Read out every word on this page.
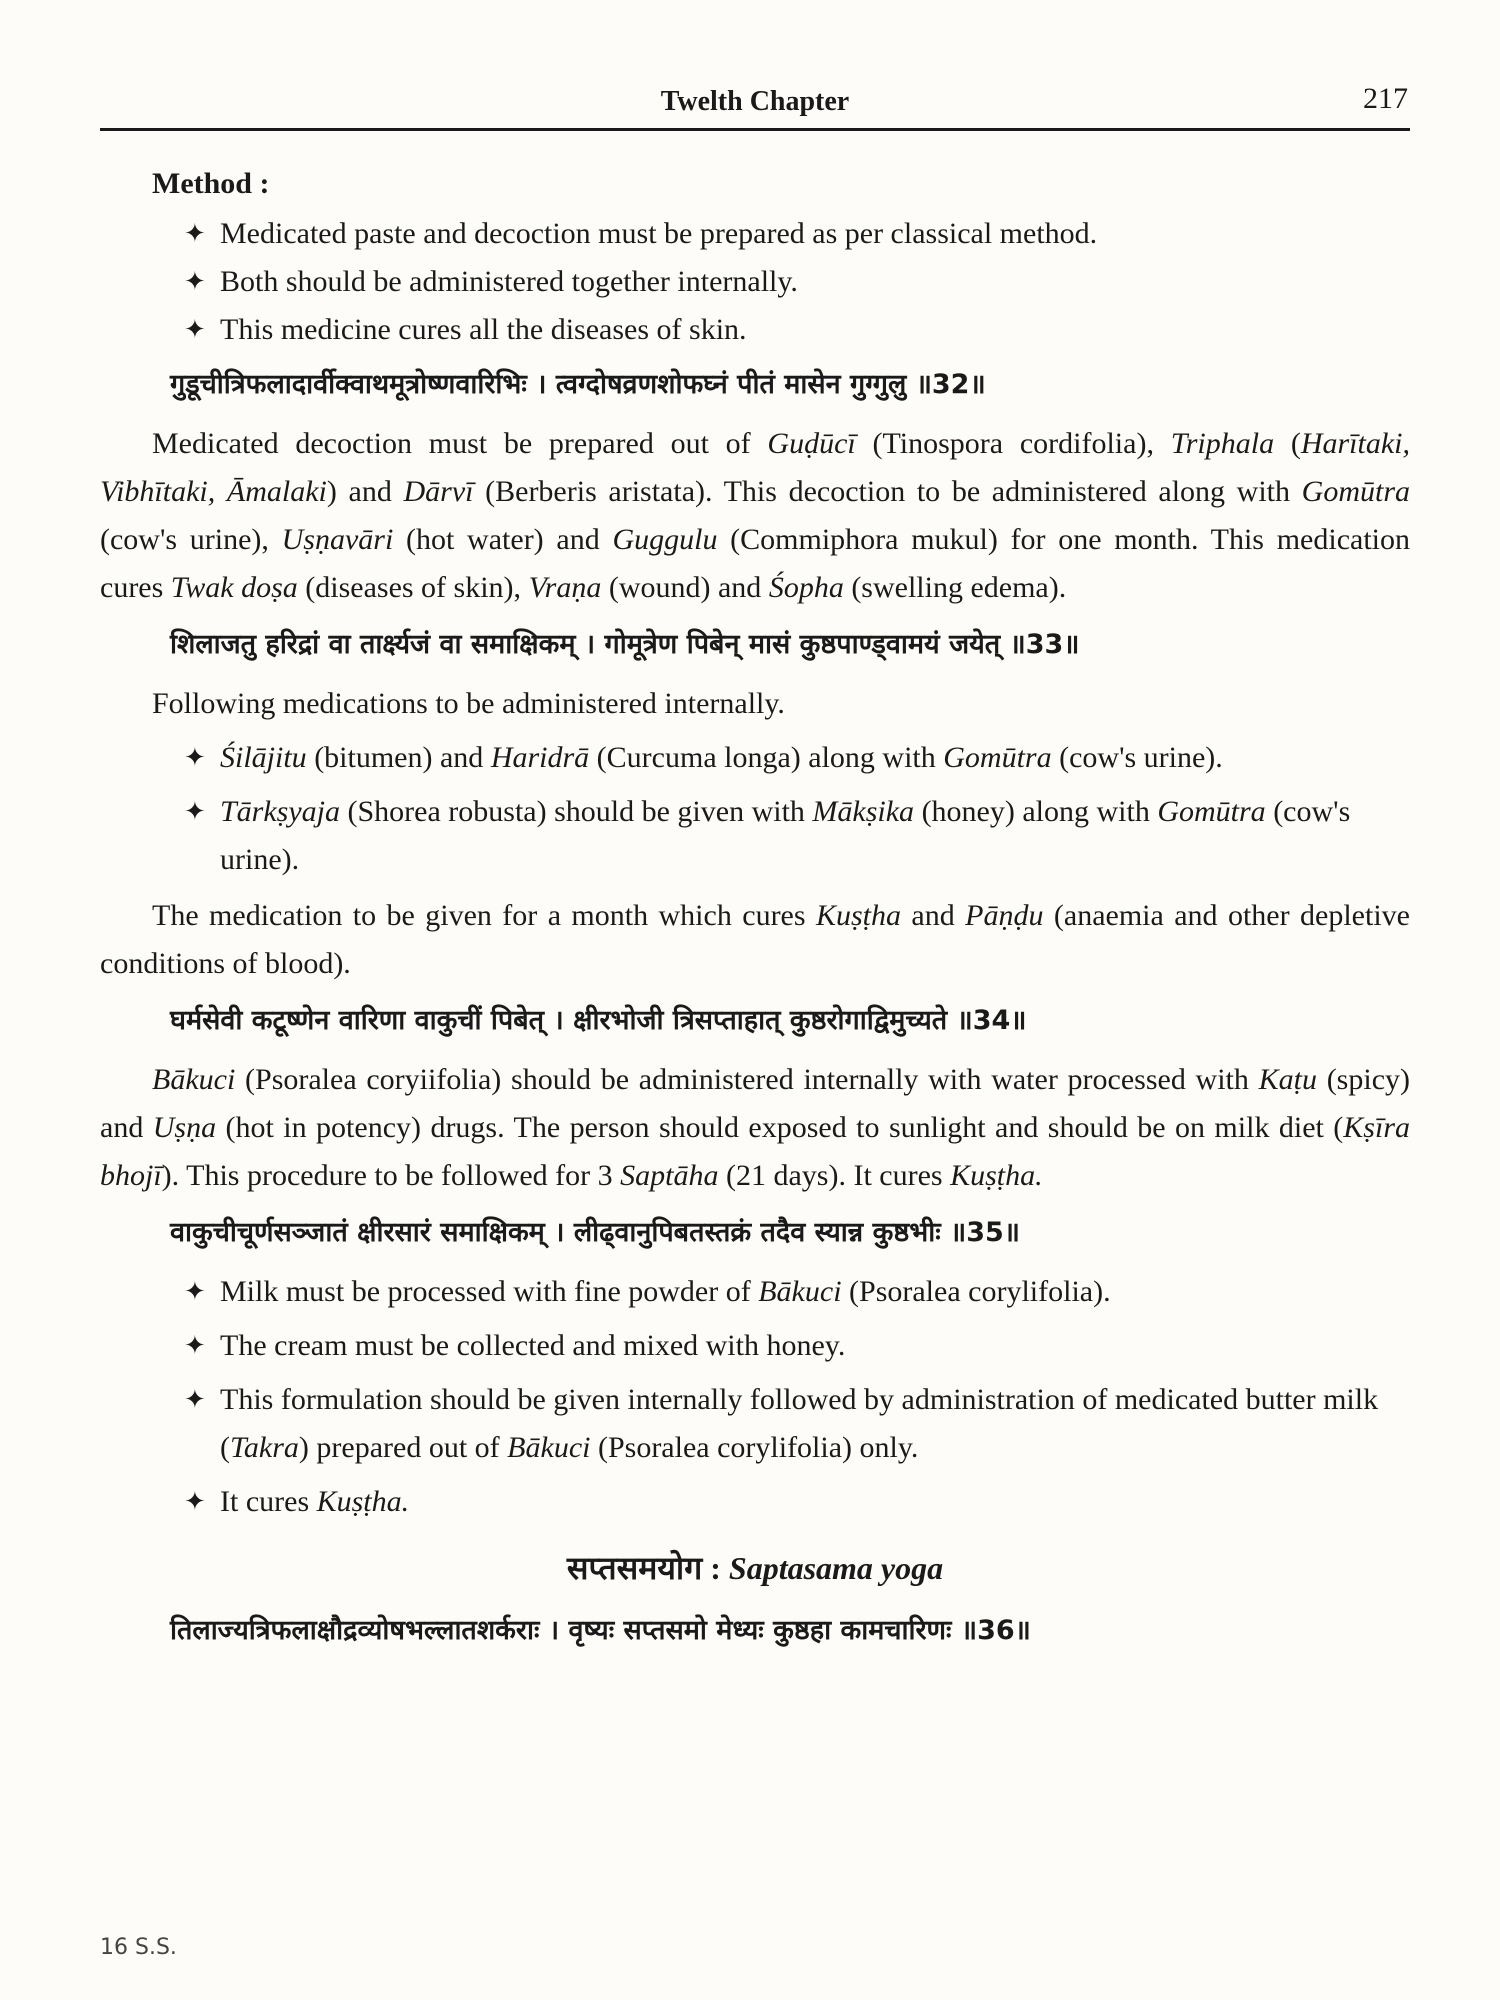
Twelth Chapter	217

Method :

✦ Medicated paste and decoction must be prepared as per classical method.
✦ Both should be administered together internally.
✦ This medicine cures all the diseases of skin.

गुडूचीत्रिफलादार्वीक्वाथमूत्रोष्णवारिभिः । त्वग्दोषव्रणशोफघ्नं पीतं मासेन गुग्गुलु ॥32॥

Medicated decoction must be prepared out of Guḍūcī (Tinospora cordifolia), Triphala (Harītaki, Vibhītaki, Āmalaki) and Dārvī (Berberis aristata). This decoction to be administered along with Gomūtra (cow's urine), Uṣṇavāri (hot water) and Guggulu (Commiphora mukul) for one month. This medication cures Twak doṣa (diseases of skin), Vraṇa (wound) and Śopha (swelling edema).

शिलाजतु हरिद्रां वा तार्क्ष्यजं वा समाक्षिकम् । गोमूत्रेण पिबेन् मासं कुष्ठपाण्ड्वामयं जयेत् ॥33॥

Following medications to be administered internally.

✦ Śilājitu (bitumen) and Haridrā (Curcuma longa) along with Gomūtra (cow's urine).
✦ Tārkṣyaja (Shorea robusta) should be given with Mākṣika (honey) along with Gomūtra (cow's urine).

The medication to be given for a month which cures Kuṣṭha and Pāṇḍu (anaemia and other depletive conditions of blood).

घर्मसेवी कटूष्णेन वारिणा वाकुचीं पिबेत् । क्षीरभोजी त्रिसप्ताहात् कुष्ठरोगाद्विमुच्यते ॥34॥

Bākuci (Psoralea coryiifolia) should be administered internally with water processed with Kaṭu (spicy) and Uṣṇa (hot in potency) drugs. The person should exposed to sunlight and should be on milk diet (Kṣīra bhojī). This procedure to be followed for 3 Saptāha (21 days). It cures Kuṣṭha.

वाकुचीचूर्णसञ्जातं क्षीरसारं समाक्षिकम् । लीढ्वानुपिबतस्तक्रं तदैव स्यान्न कुष्ठभीः ॥35॥

✦ Milk must be processed with fine powder of Bākuci (Psoralea corylifolia).
✦ The cream must be collected and mixed with honey.
✦ This formulation should be given internally followed by administration of medicated butter milk (Takra) prepared out of Bākuci (Psoralea corylifolia) only.
✦ It cures Kuṣṭha.

सप्तसमयोग : Saptasama yoga

तिलाज्यत्रिफलाक्षौद्रव्योषभल्लातशर्कराः । वृष्यः सप्तसमो मेध्यः कुष्ठहा कामचारिणः ॥36॥

16 S.S.
